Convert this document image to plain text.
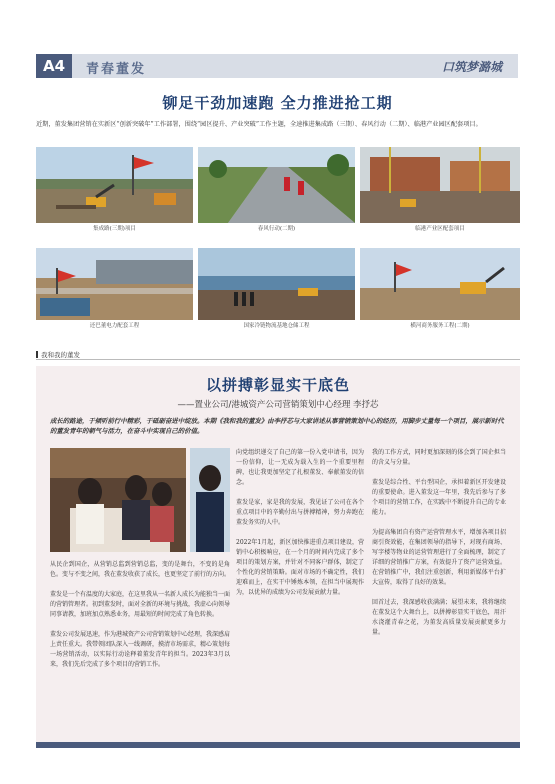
A4	青春董发	口筑梦潞城
铆足干劲加速跑 全力推进抢工期
近期，董发集团营销在实新区“创新突破年”工作部署，围绕“园区提升、产业突破”工作主题，全速推进集成路（三期）、春风行动（二期）、临港产业园区配套项目。
集成路(三期)项目	春风行动(二期)	临港产业区配套项目
还巴董电力配套工程	国家冷链物流基地仓储工程	横河商务服务工程(二期)
我和我的董发
以拼搏彰显实干底色
——置业公司/港城资产公司营销策划中心经理 李抒芯
成长的路途，于倾听前行中精彩，于砥砺奋进中绽放。本期《我和我的董发》由李抒芯与大家讲述从事营销策划中心的经历，用脚步丈量每一个项目，展示新时代的董发青年的朝气与活力，在奋斗中实现自己的价值。
从民企到国企，从营销总监到营销总监，变的是舞台，不变的是角色。变与不变之间，我在董发收获了成长，也更坚定了前行的方向。

董发是一个有温度的大家庭，在这里我从一名新人成长为能独当一面的营销管理者。初到董发时，面对全新的环境与挑战，我虚心向领导同事请教，加班加点熟悉业务，用最短的时间完成了角色转换。

董发公司发展迅速，作为港城资产公司营销策划中心经理，我深感肩上责任重大。我带领团队深入一线调研，摸清市场需求，精心策划每一场营销活动，以实际行动诠释着董发青年的担当。2023年3月以来，我们先后完成了多个项目的营销工作。
向党组织递交了自己的第一份入党申请书，因为一份信仰，让一无成为载入生的一个重要里程碑，也让我更加坚定了扎根董发、奉献董发的信念。

董发是家，家是我的发展，我见证了公司在各个重点项目中的辛勤付出与拼搏精神，努力奔跑在董发务实的人中。

2022年1月起，新区加快推进重点项目建设，营销中心积极响应，在一个月的时间内完成了多个项目的策划方案，并针对不同客户群体，制定了个性化的营销策略。面对市场的不确定性，我们迎难而上，在实干中锤炼本领，在担当中展现作为，以优异的成绩为公司发展贡献力量。
我的工作方式，同时更加深刻的体会到了国企担当的含义与分量。

董发是综合性、平台型国企，承担着新区开发建设的重要使命。进入董发这一年里，我先后参与了多个项目的营销工作，在实践中不断提升自己的专业能力。

为提高集团自有资产运营管理水平，增加各项目招商引资效能，在集团领导的指导下，对现有商场、写字楼等物业的运营管理进行了全面梳理，制定了详细的营销推广方案，有效提升了资产运营效益。在营销推广中，我们注重创新，利用新媒体平台扩大宣传，取得了良好的效果。

回首过去，我深感收获满满；展望未来，我将继续在董发这个大舞台上，以拼搏彰显实干底色，用汗水浇灌青春之花，为董发高质量发展贡献更多力量。
